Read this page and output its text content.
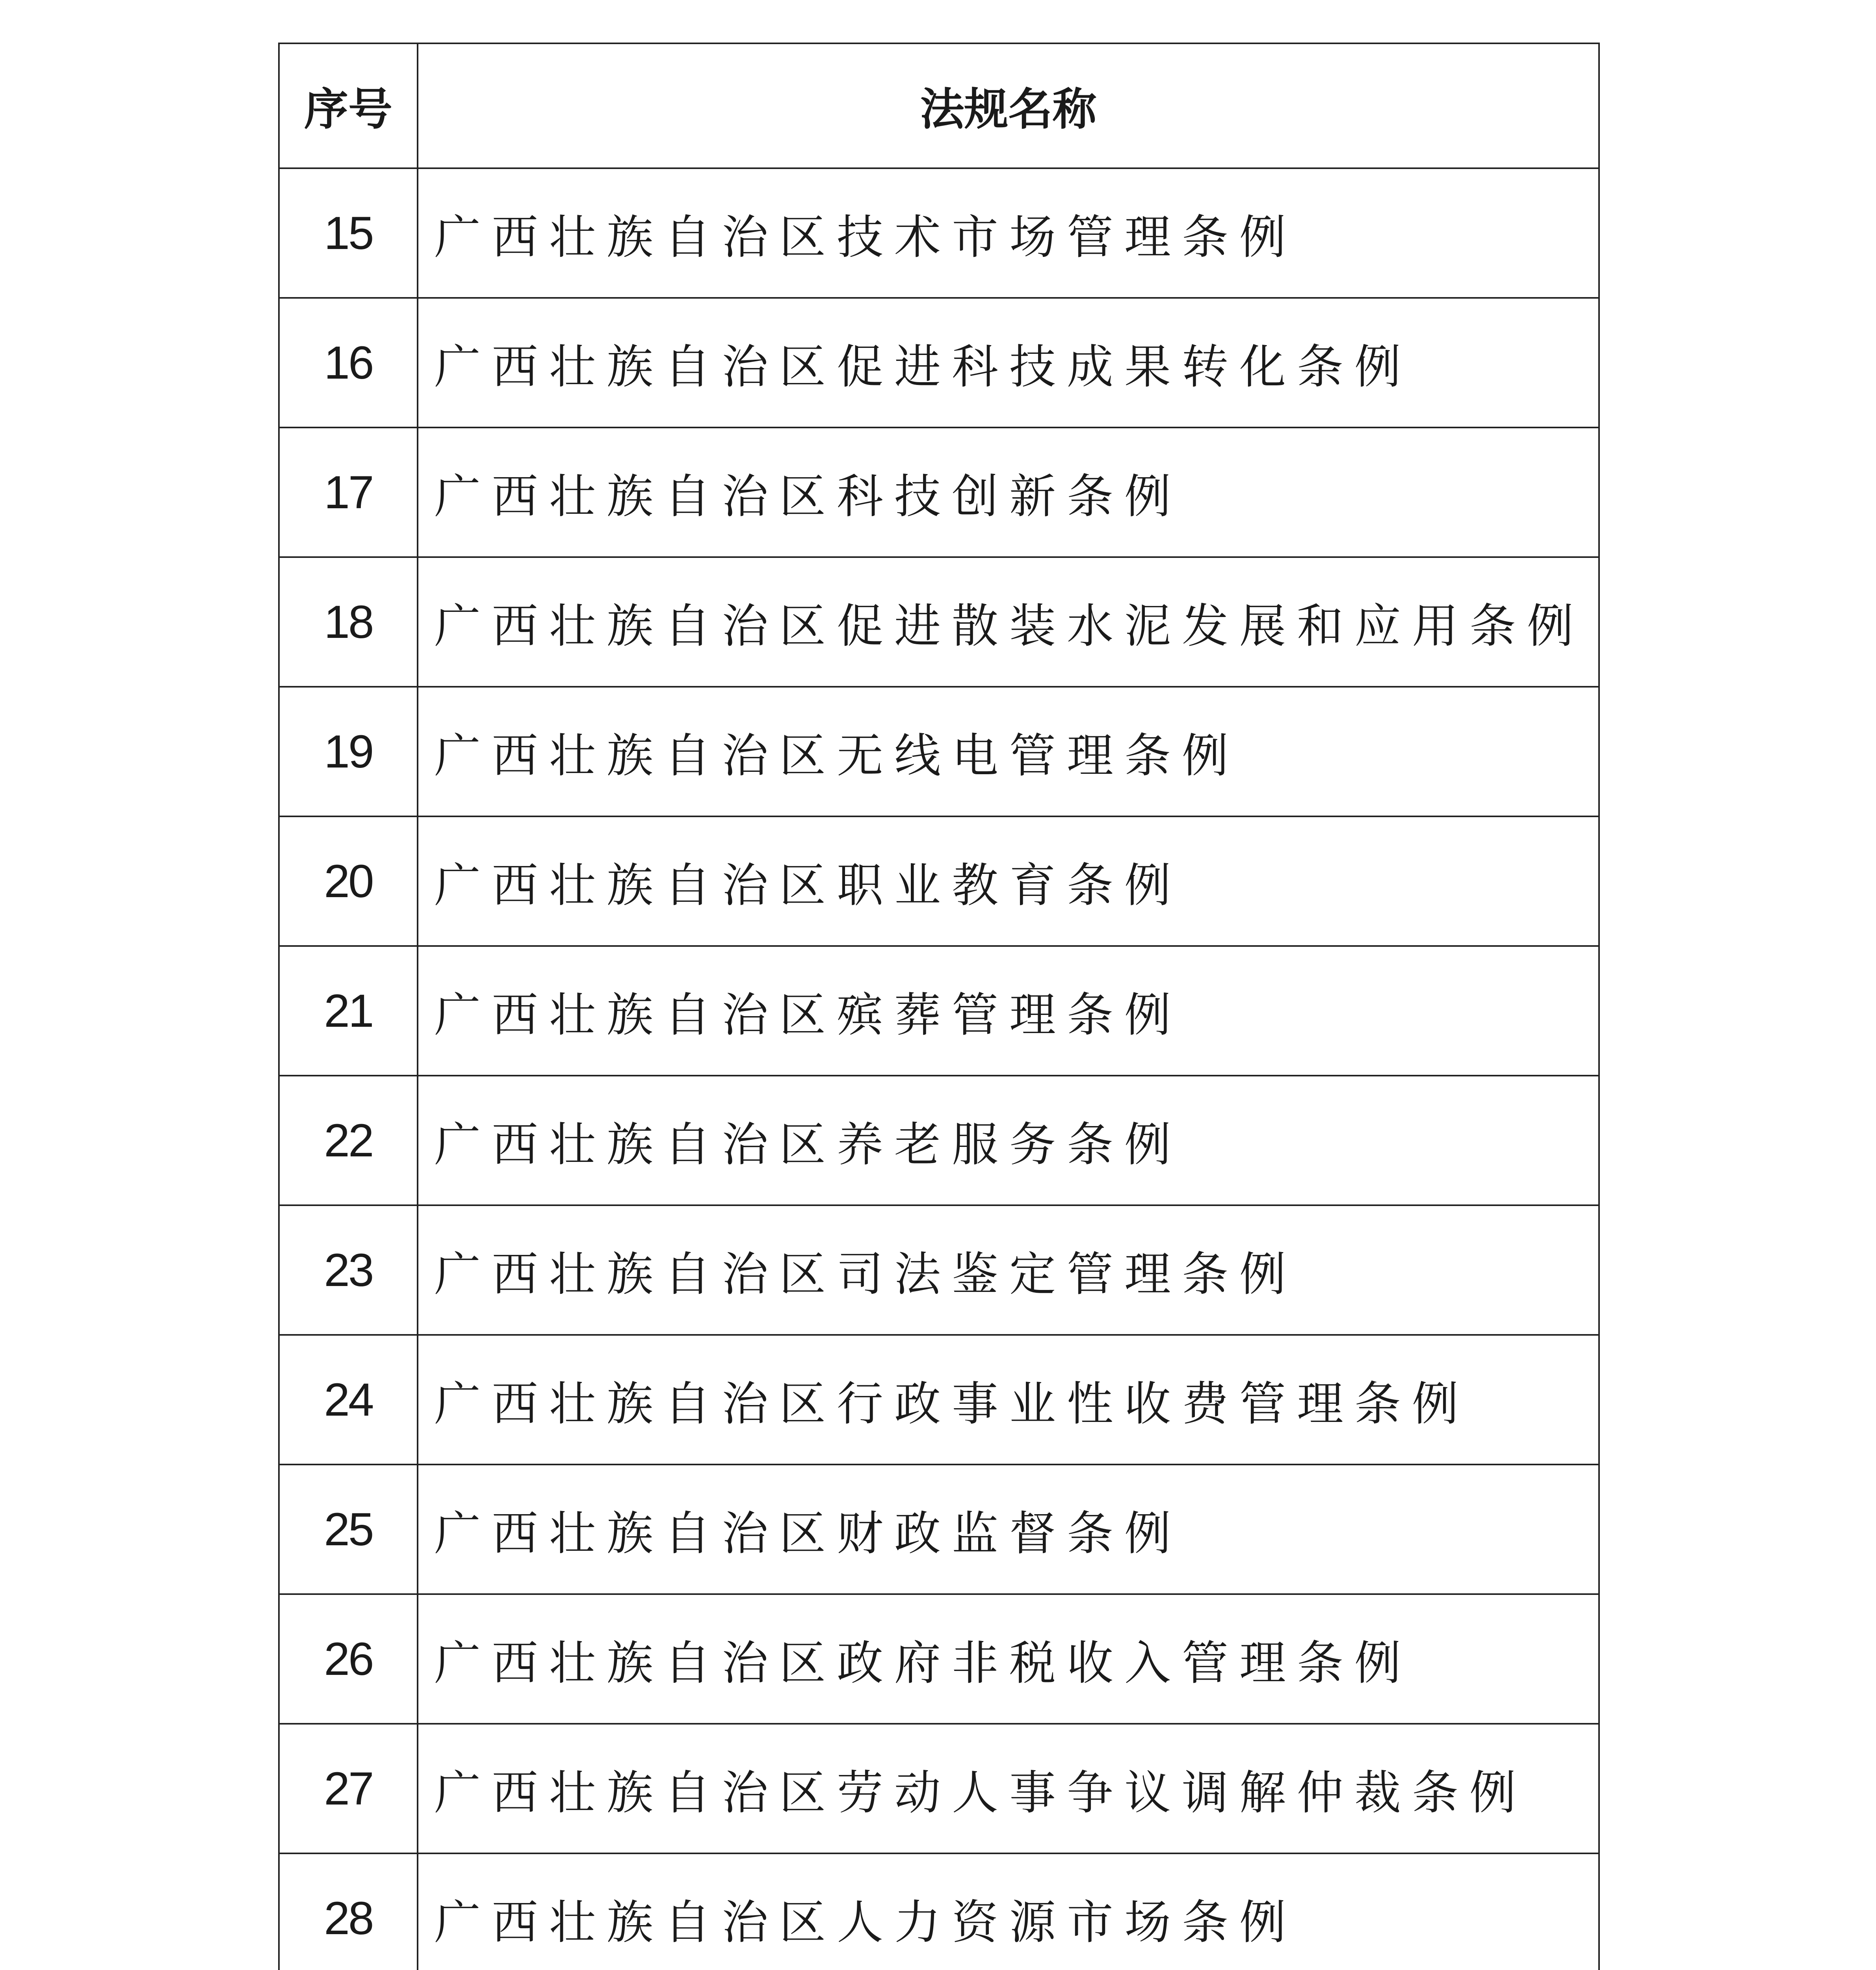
序号	法规名称
15	广西壮族自治区技术市场管理条例
16	广西壮族自治区促进科技成果转化条例
17	广西壮族自治区科技创新条例
18	广西壮族自治区促进散装水泥发展和应用条例
19	广西壮族自治区无线电管理条例
20	广西壮族自治区职业教育条例
21	广西壮族自治区殡葬管理条例
22	广西壮族自治区养老服务条例
23	广西壮族自治区司法鉴定管理条例
24	广西壮族自治区行政事业性收费管理条例
25	广西壮族自治区财政监督条例
26	广西壮族自治区政府非税收入管理条例
27	广西壮族自治区劳动人事争议调解仲裁条例
28	广西壮族自治区人力资源市场条例
